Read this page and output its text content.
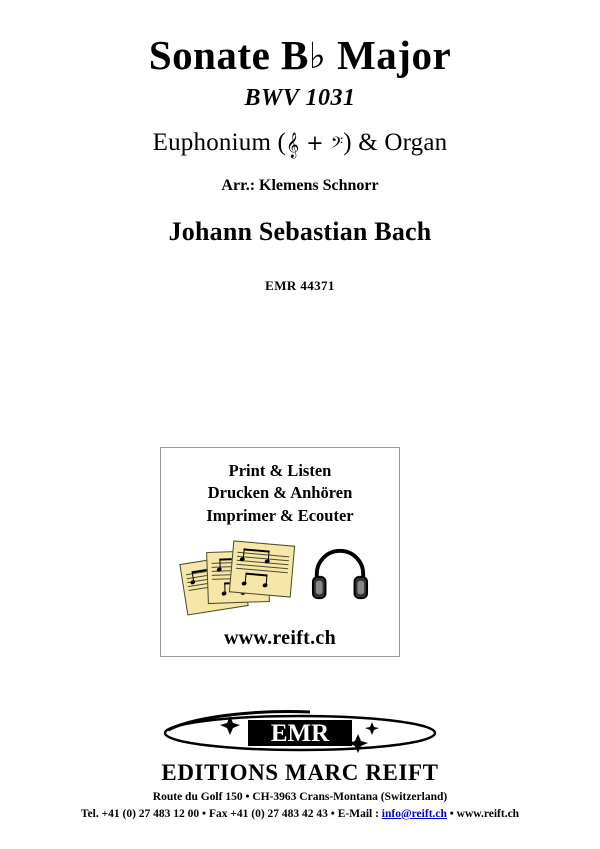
Sonate B♭ Major
BWV 1031
Euphonium (𝄞 + 𝄢) & Organ
Arr.: Klemens Schnorr
Johann Sebastian Bach
EMR 44371
Print & Listen
Drucken & Anhören
Imprimer & Ecouter
www.reift.ch
EMR
EDITIONS MARC REIFT
Route du Golf 150 • CH-3963 Crans-Montana (Switzerland)
Tel. +41 (0) 27 483 12 00 • Fax +41 (0) 27 483 42 43 • E-Mail : info@reift.ch • www.reift.ch
